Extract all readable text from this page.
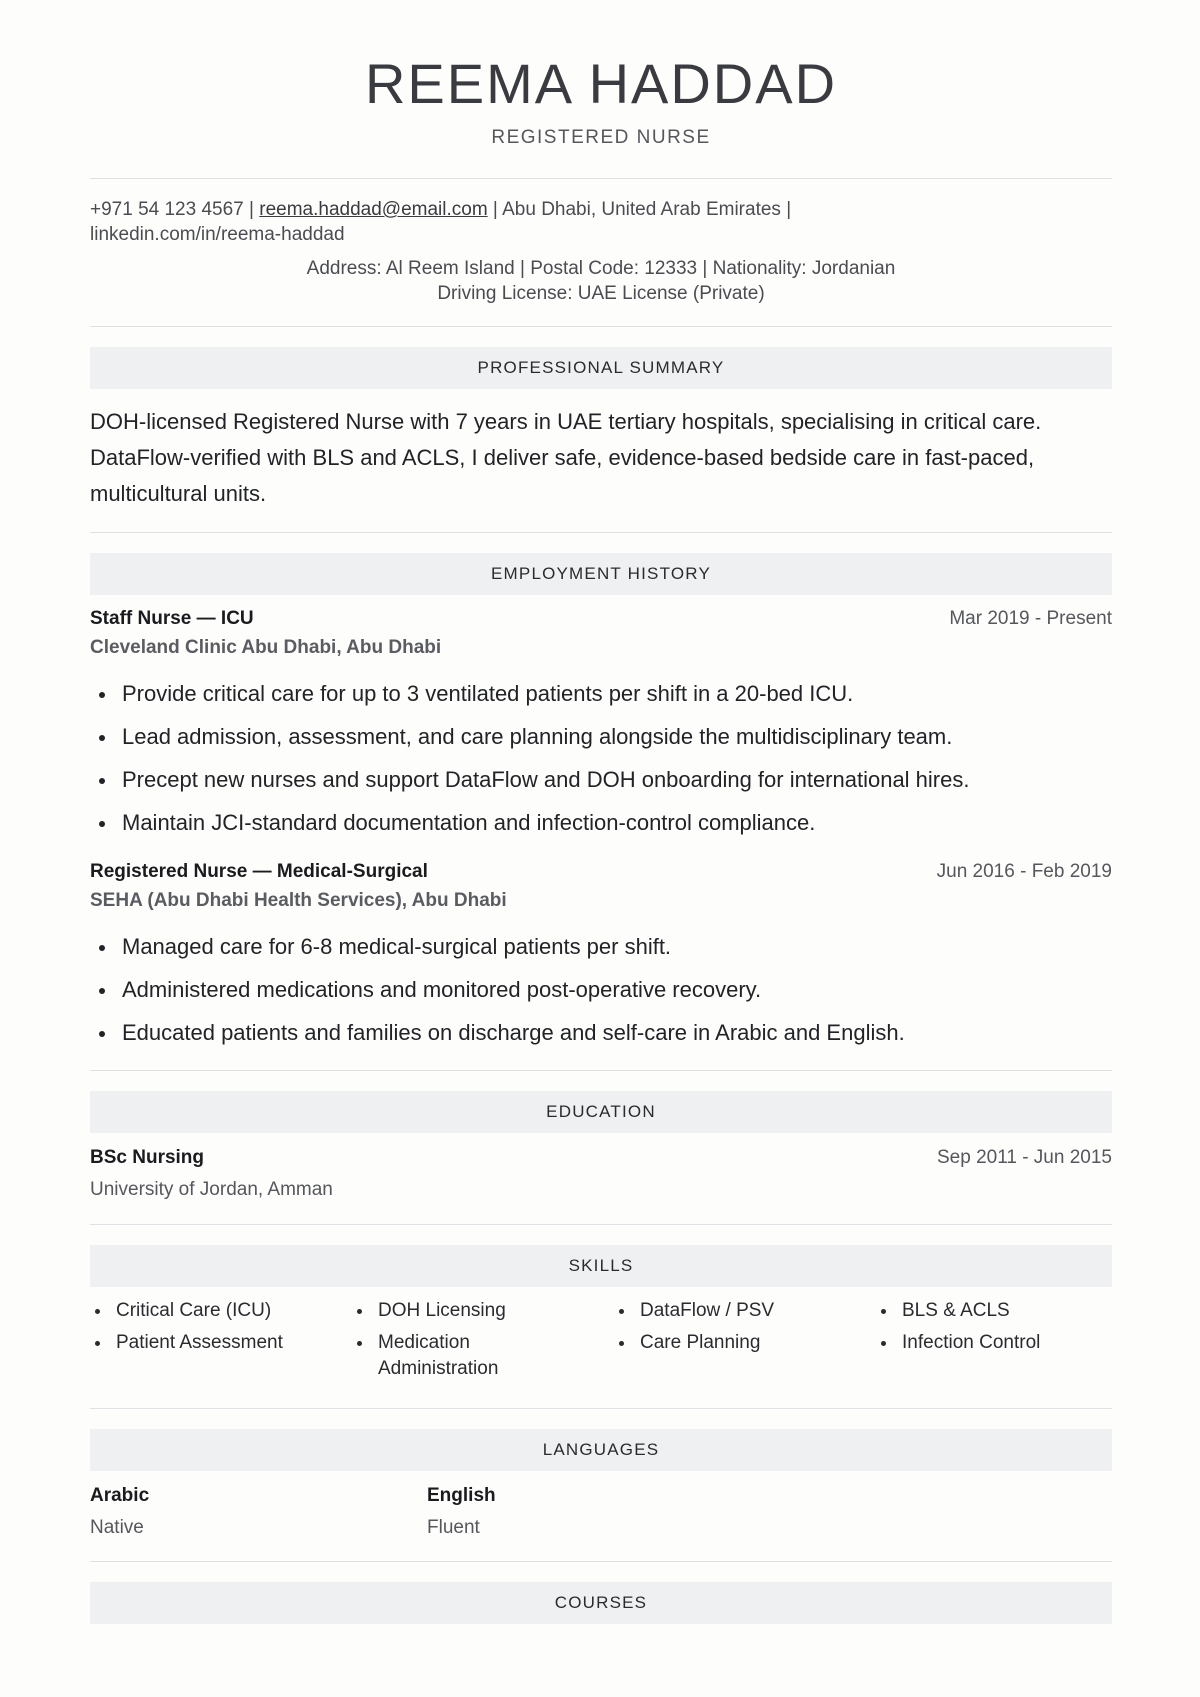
REEMA HADDAD
REGISTERED NURSE
+971 54 123 4567 | reema.haddad@email.com | Abu Dhabi, United Arab Emirates |
linkedin.com/in/reema-haddad
Address: Al Reem Island | Postal Code: 12333 | Nationality: Jordanian
Driving License: UAE License (Private)
PROFESSIONAL SUMMARY
DOH-licensed Registered Nurse with 7 years in UAE tertiary hospitals, specialising in critical care. DataFlow-verified with BLS and ACLS, I deliver safe, evidence-based bedside care in fast-paced, multicultural units.
EMPLOYMENT HISTORY
Staff Nurse — ICU	Mar 2019 - Present
Cleveland Clinic Abu Dhabi, Abu Dhabi
Provide critical care for up to 3 ventilated patients per shift in a 20-bed ICU.
Lead admission, assessment, and care planning alongside the multidisciplinary team.
Precept new nurses and support DataFlow and DOH onboarding for international hires.
Maintain JCI-standard documentation and infection-control compliance.
Registered Nurse — Medical-Surgical	Jun 2016 - Feb 2019
SEHA (Abu Dhabi Health Services), Abu Dhabi
Managed care for 6-8 medical-surgical patients per shift.
Administered medications and monitored post-operative recovery.
Educated patients and families on discharge and self-care in Arabic and English.
EDUCATION
BSc Nursing	Sep 2011 - Jun 2015
University of Jordan, Amman
SKILLS
Critical Care (ICU)
Patient Assessment
DOH Licensing
Medication Administration
DataFlow / PSV
Care Planning
BLS & ACLS
Infection Control
LANGUAGES
Arabic
Native
English
Fluent
COURSES
